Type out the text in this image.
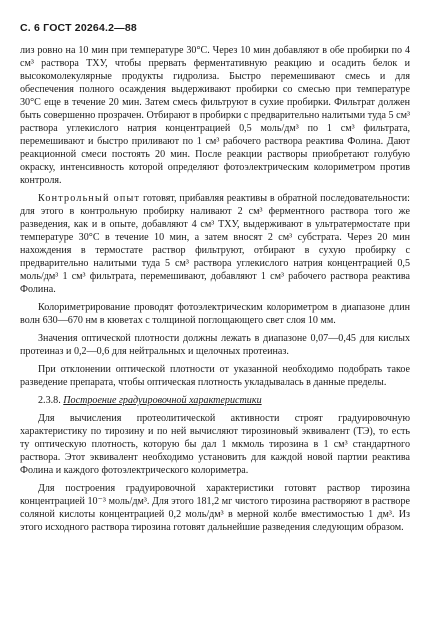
С. 6 ГОСТ 20264.2—88

лиз ровно на 10 мин при температуре 30°С. Через 10 мин добавляют в обе пробирки по 4 см³ раствора ТХУ, чтобы прервать ферментативную реакцию и осадить белок и высокомолекулярные продукты гидролиза. Быстро перемешивают смесь и для обеспечения полного осаждения выдерживают пробирки со смесью при температуре 30°С еще в течение 20 мин. Затем смесь фильтруют в сухие пробирки. Фильтрат должен быть совершенно прозрачен. Отбирают в пробирки с предварительно налитыми туда 5 см³ раствора углекислого натрия концентрацией 0,5 моль/дм³ по 1 см³ фильтрата, перемешивают и быстро приливают по 1 см³ рабочего раствора реактива Фолина. Дают реакционной смеси постоять 20 мин. После реакции растворы приобретают голубую окраску, интенсивность которой определяют фотоэлектрическим колориметром против контроля.

Контрольный опыт готовят, прибавляя реактивы в обратной последовательности: для этого в контрольную пробирку наливают 2 см³ ферментного раствора того же разведения, как и в опыте, добавляют 4 см³ ТХУ, выдерживают в ультратермостате при температуре 30°С в течение 10 мин, а затем вносят 2 см³ субстрата. Через 20 мин нахождения в термостате раствор фильтруют, отбирают в сухую пробирку с предварительно налитыми туда 5 см³ раствора углекислого натрия концентрацией 0,5 моль/дм³ 1 см³ фильтрата, перемешивают, добавляют 1 см³ рабочего раствора реактива Фолина.

Колориметрирование проводят фотоэлектрическим колориметром в диапазоне длин волн 630—670 нм в кюветах с толщиной поглощающего свет слоя 10 мм.

Значения оптической плотности должны лежать в диапазоне 0,07—0,45 для кислых протеиназ и 0,2—0,6 для нейтральных и щелочных протеиназ.

При отклонении оптической плотности от указанной необходимо подобрать такое разведение препарата, чтобы оптическая плотность укладывалась в данные пределы.

2.3.8. Построение градуировочной характеристики

Для вычисления протеолитической активности строят градуировочную характеристику по тирозину и по ней вычисляют тирозиновый эквивалент (ТЭ), то есть ту оптическую плотность, которую бы дал 1 мкмоль тирозина в 1 см³ стандартного раствора. Этот эквивалент необходимо установить для каждой новой партии реактива Фолина и каждого фотоэлектрического колориметра.

Для построения градуировочной характеристики готовят раствор тирозина концентрацией 10⁻³ моль/дм³. Для этого 181,2 мг чистого тирозина растворяют в растворе соляной кислоты концентрацией 0,2 моль/дм³ в мерной колбе вместимостью 1 дм³. Из этого исходного раствора тирозина готовят дальнейшие разведения следующим образом.
